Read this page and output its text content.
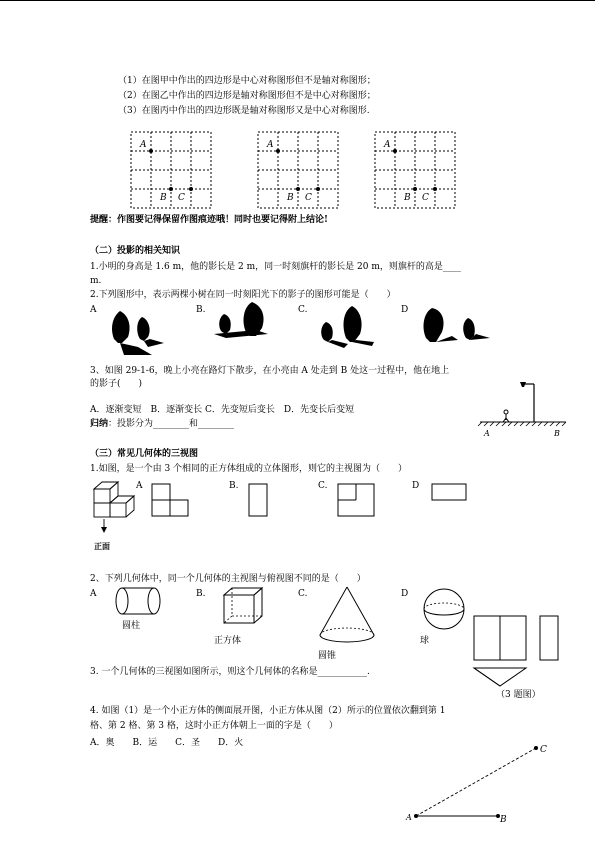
（1）在图甲中作出的四边形是中心对称图形但不是轴对称图形；
（2）在图乙中作出的四边形是轴对称图形但不是中心对称图形；
（3）在图丙中作出的四边形既是轴对称图形又是中心对称图形.
A
B C
A
B C
A
B C
提醒：作图要记得保留作图痕迹哦！同时也要记得附上结论!
（二）投影的相关知识
1.小明的身高是 1.6 m，他的影长是 2 m，同一时刻旗杆的影长是 20 m，则旗杆的高是____
m.
2.下列图形中，表示两棵小树在同一时刻阳光下的影子的图形可能是（　　）
A	B.	C.	D
3、如图 29-1-6，晚上小亮在路灯下散步，在小亮由 A 处走到 B 处这一过程中，他在地上
的影子(　　)
A．逐渐变短　B．逐渐变长 C．先变短后变长　D．先变长后变短
归纳：投影分为________和________
A	B
（三）常见几何体的三视图
1.如图，是一个由 3 个相同的正方体组成的立体图形，则它的主视图为（　　）
正面
A	B.	C.	D
2、下列几何体中，同一个几何体的主视图与俯视图不同的是（　　）
A	B.	C.	D
圆柱
正方体
圆锥
球
（3 题图）
3. 一个几何体的三视图如图所示，则这个几何体的名称是___________.
4. 如图（1）是一个小正方体的侧面展开图，小正方体从图（2）所示的位置依次翻到第 1
格、第 2 格、第 3 格，这时小正方体朝上一面的字是（　　）
A．奥　　B．运　　C．圣　　D．火
A	B
C
